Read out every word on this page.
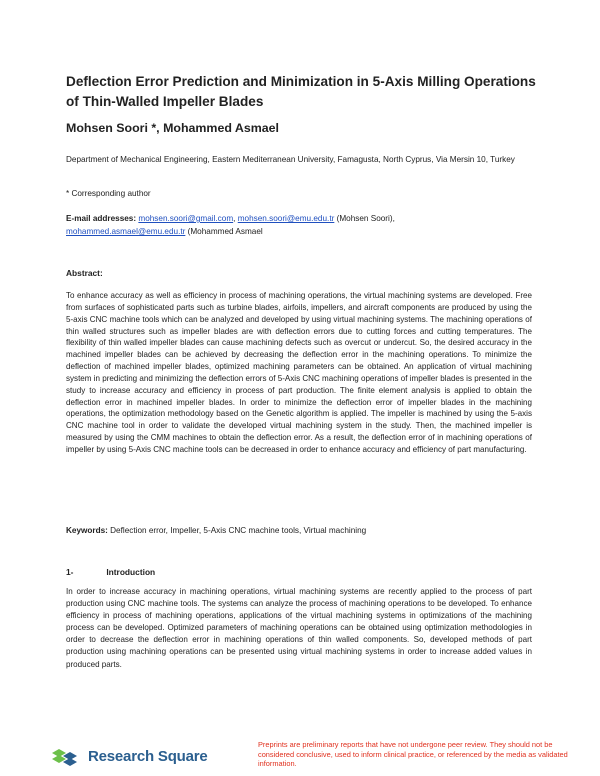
Deflection Error Prediction and Minimization in 5-Axis Milling Operations of Thin-Walled Impeller Blades
Mohsen Soori *, Mohammed Asmael
Department of Mechanical Engineering, Eastern Mediterranean University, Famagusta, North Cyprus, Via Mersin 10, Turkey
* Corresponding author
E-mail addresses: mohsen.soori@gmail.com, mohsen.soori@emu.edu.tr (Mohsen Soori),
mohammed.asmael@emu.edu.tr (Mohammed Asmael
Abstract:
To enhance accuracy as well as efficiency in process of machining operations, the virtual machining systems are developed. Free from surfaces of sophisticated parts such as turbine blades, airfoils, impellers, and aircraft components are produced by using the 5-axis CNC machine tools which can be analyzed and developed by using virtual machining systems. The machining operations of thin walled structures such as impeller blades are with deflection errors due to cutting forces and cutting temperatures. The flexibility of thin walled impeller blades can cause machining defects such as overcut or undercut. So, the desired accuracy in the machined impeller blades can be achieved by decreasing the deflection error in the machining operations. To minimize the deflection of machined impeller blades, optimized machining parameters can be obtained. An application of virtual machining system in predicting and minimizing the deflection errors of 5-Axis CNC machining operations of impeller blades is presented in the study to increase accuracy and efficiency in process of part production. The finite element analysis is applied to obtain the deflection error in machined impeller blades. In order to minimize the deflection error of impeller blades in the machining operations, the optimization methodology based on the Genetic algorithm is applied. The impeller is machined by using the 5-axis CNC machine tool in order to validate the developed virtual machining system in the study. Then, the machined impeller is measured by using the CMM machines to obtain the deflection error. As a result, the deflection error of in machining operations of impeller by using 5-Axis CNC machine tools can be decreased in order to enhance accuracy and efficiency of part manufacturing.
Keywords: Deflection error, Impeller, 5-Axis CNC machine tools, Virtual machining
1-	Introduction
In order to increase accuracy in machining operations, virtual machining systems are recently applied to the process of part production using CNC machine tools. The systems can analyze the process of machining operations to be developed. To enhance efficiency in process of machining operations, applications of the virtual machining systems in optimizations of the machining process can be developed. Optimized parameters of machining operations can be obtained using optimization methodologies in order to decrease the deflection error in machining operations of thin walled components. So, developed methods of part production using machining operations can be presented using virtual machining systems in order to increase added values in produced parts.
Research Square
Preprints are preliminary reports that have not undergone peer review. They should not be considered conclusive, used to inform clinical practice, or referenced by the media as validated information.
